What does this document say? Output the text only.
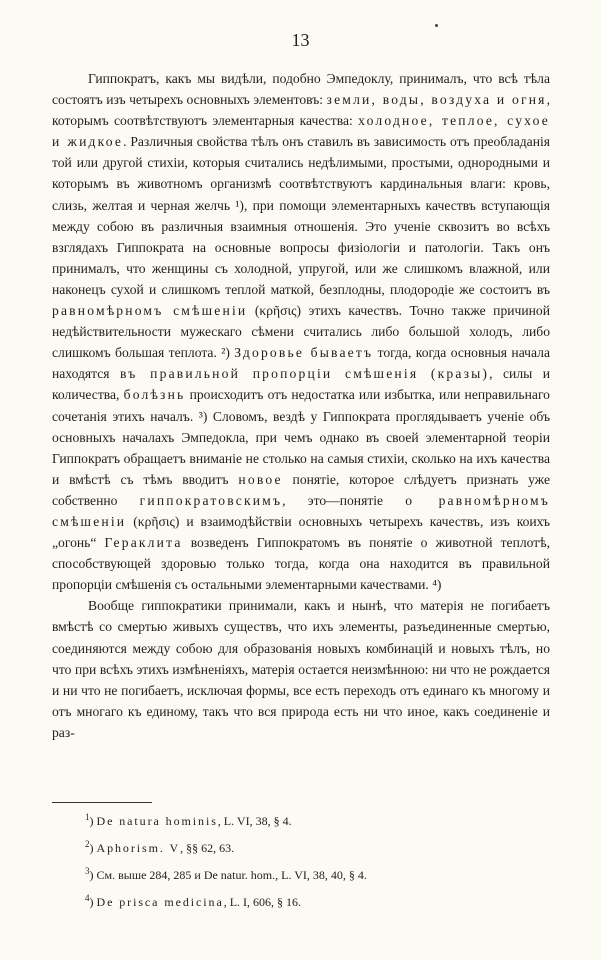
13

Гиппократъ, какъ мы видѣли, подобно Эмпедоклу, принималъ, что всѣ тѣла состоятъ изъ четырехъ основныхъ элементовъ: земли, воды, воздуха и огня, которымъ соотвѣтствуютъ элементарныя качества: холодное, теплое, сухое и жидкое. Различныя свойства тѣлъ онъ ставилъ въ зависимость отъ преобладанія той или другой стихіи, которыя считались недѣлимыми, простыми, однородными и которымъ въ животномъ организмѣ соотвѣтствуютъ кардинальныя влаги: кровь, слизь, желтая и черная желчь ¹), при помощи элементарныхъ качествъ вступающія между собою въ различныя взаимныя отношенія. Это ученіе сквозитъ во всѣхъ взглядахъ Гиппократа на основные вопросы физіологіи и патологіи. Такъ онъ принималъ, что женщины съ холодной, упругой, или же слишкомъ влажной, или наконецъ сухой и слишкомъ теплой маткой, безплодны, плодородіе же состоитъ въ равномѣрномъ смѣшеніи (κρῆσις) этихъ качествъ. Точно также причиной недѣйствительности мужескаго сѣмени считались либо большой холодъ, либо слишкомъ большая теплота. ²) Здоровье бываетъ тогда, когда основныя начала находятся въ правильной пропорціи смѣшенія (кразы), силы и количества, болѣзнь происходитъ отъ недостатка или избытка, или неправильнаго сочетанія этихъ началъ. ³) Словомъ, вездѣ у Гиппократа проглядываетъ ученіе объ основныхъ началахъ Эмпедокла, при чемъ однако въ своей элементарной теоріи Гиппократъ обращаетъ вниманіе не столько на самыя стихіи, сколько на ихъ качества и вмѣстѣ съ тѣмъ вводитъ новое понятіе, которое слѣдуетъ признать уже собственно гиппократовскимъ, это—понятіе о равномѣрномъ смѣшеніи (κρῆσις) и взаимодѣйствіи основныхъ четырехъ качествъ, изъ коихъ „огонь“ Гераклита возведенъ Гиппократомъ въ понятіе о животной теплотѣ, способствующей здоровью только тогда, когда она находится въ правильной пропорціи смѣшенія съ остальными элементарными качествами. ⁴)

Вообще гиппократики принимали, какъ и нынѣ, что матерія не погибаетъ вмѣстѣ со смертью живыхъ существъ, что ихъ элементы, разъединенные смертью, соединяются между собою для образованія новыхъ комбинацій и новыхъ тѣлъ, но что при всѣхъ этихъ измѣненіяхъ, матерія остается неизмѣнною: ни что не рождается и ни что не погибаетъ, исключая формы, все есть переходъ отъ единаго къ многому и отъ многаго къ единому, такъ что вся природа есть ни что иное, какъ соединеніе и раз-

$^1$) De natura hominis, L. VI, 38, § 4.

$^2$) Aphorism. V, §§ 62, 63.

$^3$) См. выше 284, 285 и De natur. hom., L. VI, 38, 40, § 4.

$^4$) De prisca medicina, L. I, 606, § 16.
